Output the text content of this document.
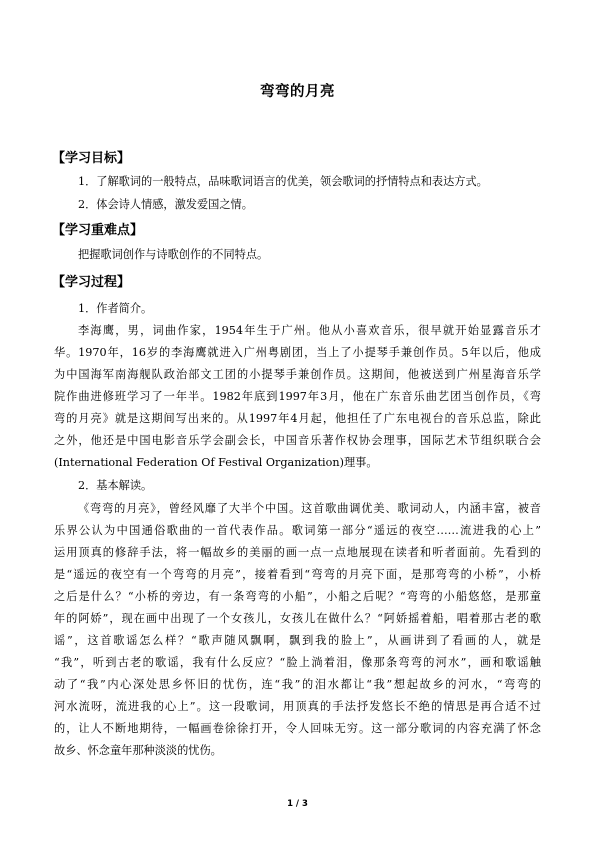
弯弯的月亮
【学习目标】
1．了解歌词的一般特点，品味歌词语言的优美，领会歌词的抒情特点和表达方式。
2．体会诗人情感，激发爱国之情。
【学习重难点】
把握歌词创作与诗歌创作的不同特点。
【学习过程】
1．作者简介。
李海鹰，男，词曲作家，1954年生于广州。他从小喜欢音乐，很早就开始显露音乐才
华。1970年，16岁的李海鹰就进入广州粤剧团，当上了小提琴手兼创作员。5年以后，他成
为中国海军南海舰队政治部文工团的小提琴手兼创作员。这期间，他被送到广州星海音乐学
院作曲进修班学习了一年半。1982年底到1997年3月，他在广东音乐曲艺团当创作员，《弯
弯的月亮》就是这期间写出来的。从1997年4月起，他担任了广东电视台的音乐总监，除此
之外，他还是中国电影音乐学会副会长，中国音乐著作权协会理事，国际艺术节组织联合会
(International Federation Of Festival Organization)理事。
2．基本解读。
《弯弯的月亮》，曾经风靡了大半个中国。这首歌曲调优美、歌词动人，内涵丰富，被音
乐界公认为中国通俗歌曲的一首代表作品。歌词第一部分“遥远的夜空……流进我的心上”
运用顶真的修辞手法，将一幅故乡的美丽的画一点一点地展现在读者和听者面前。先看到的
是“遥远的夜空有一个弯弯的月亮”，接着看到“弯弯的月亮下面，是那弯弯的小桥”，小桥
之后是什么？“小桥的旁边，有一条弯弯的小船”，小船之后呢？“弯弯的小船悠悠，是那童
年的阿娇”，现在画中出现了一个女孩儿，女孩儿在做什么？“阿娇摇着船，唱着那古老的歌
谣”，这首歌谣怎么样？“歌声随风飘啊，飘到我的脸上”，从画讲到了看画的人，就是
“我”，听到古老的歌谣，我有什么反应？“脸上淌着泪，像那条弯弯的河水”，画和歌谣触
动了“我”内心深处思乡怀旧的忧伤，连“我”的泪水都让“我”想起故乡的河水，“弯弯的
河水流呀，流进我的心上”。这一段歌词，用顶真的手法抒发悠长不绝的情思是再合适不过
的，让人不断地期待，一幅画卷徐徐打开，令人回味无穷。这一部分歌词的内容充满了怀念
故乡、怀念童年那种淡淡的忧伤。
1 / 3
